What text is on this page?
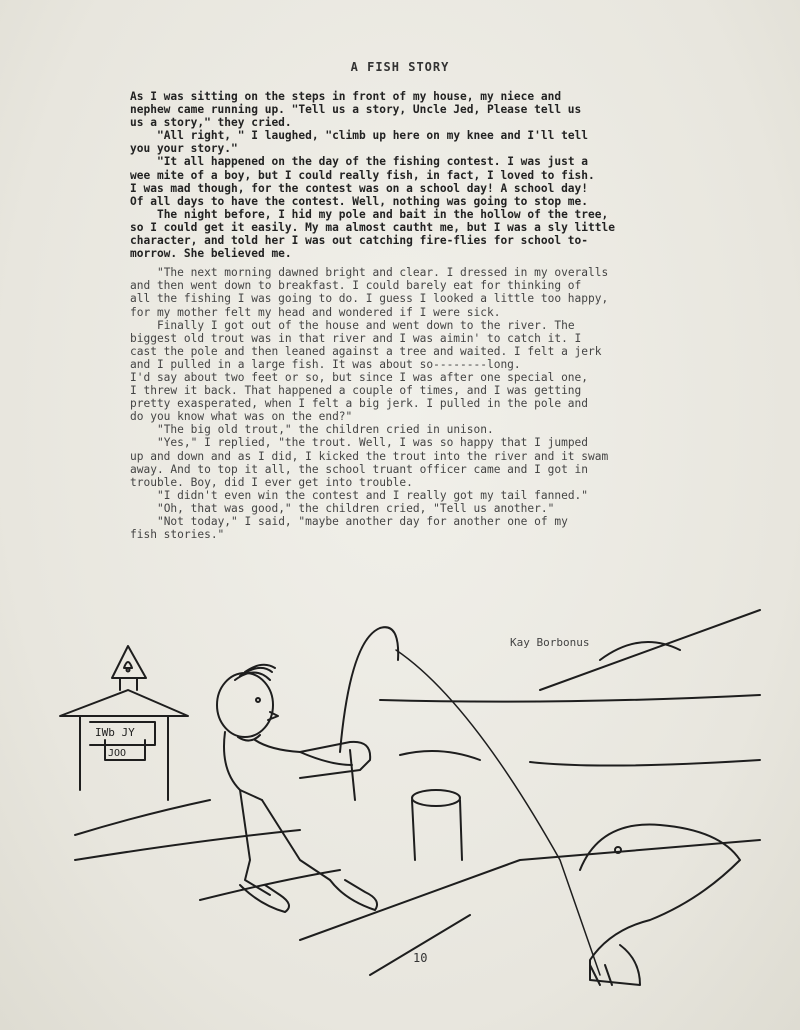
A FISH STORY

As I was sitting on the steps in front of my house, my niece and

nephew came running up. "Tell us a story, Uncle Jed, Please tell us

us a story," they cried.

"All right, " I laughed, "climb up here on my knee and I'll tell

you your story."

"It all happened on the day of the fishing contest. I was just a

wee mite of a boy, but I could really fish, in fact, I loved to fish.

I was mad though, for the contest was on a school day! A school day!

Of all days to have the contest. Well, nothing was going to stop me.

The night before, I hid my pole and bait in the hollow of the tree,

so I could get it easily. My ma almost cautht me, but I was a sly little

character, and told her I was out catching fire-flies for school to-

morrow. She believed me.

"The next morning dawned bright and clear. I dressed in my overalls

and then went down to breakfast. I could barely eat for thinking of

all the fishing I was going to do. I guess I looked a little too happy,

for my mother felt my head and wondered if I were sick.

Finally I got out of the house and went down to the river. The

biggest old trout was in that river and I was aimin' to catch it. I

cast the pole and then leaned against a tree and waited. I felt a jerk

and I pulled in a large fish. It was about so--------long.

I'd say about two feet or so, but since I was after one special one,

I threw it back. That happened a couple of times, and I was getting

pretty exasperated, when I felt a big jerk. I pulled in the pole and

do you know what was on the end?"

"The big old trout," the children cried in unison.

"Yes," I replied, "the trout. Well, I was so happy that I jumped

up and down and as I did, I kicked the trout into the river and it swam

away. And to top it all, the school truant officer came and I got in

trouble. Boy, did I ever get into trouble.

"I didn't even win the contest and I really got my tail fanned."

"Oh, that was good," the children cried, "Tell us another."

"Not today," I said, "maybe another day for another one of my

fish stories."

Kay Borbonus
IWb JY
JOO
10
